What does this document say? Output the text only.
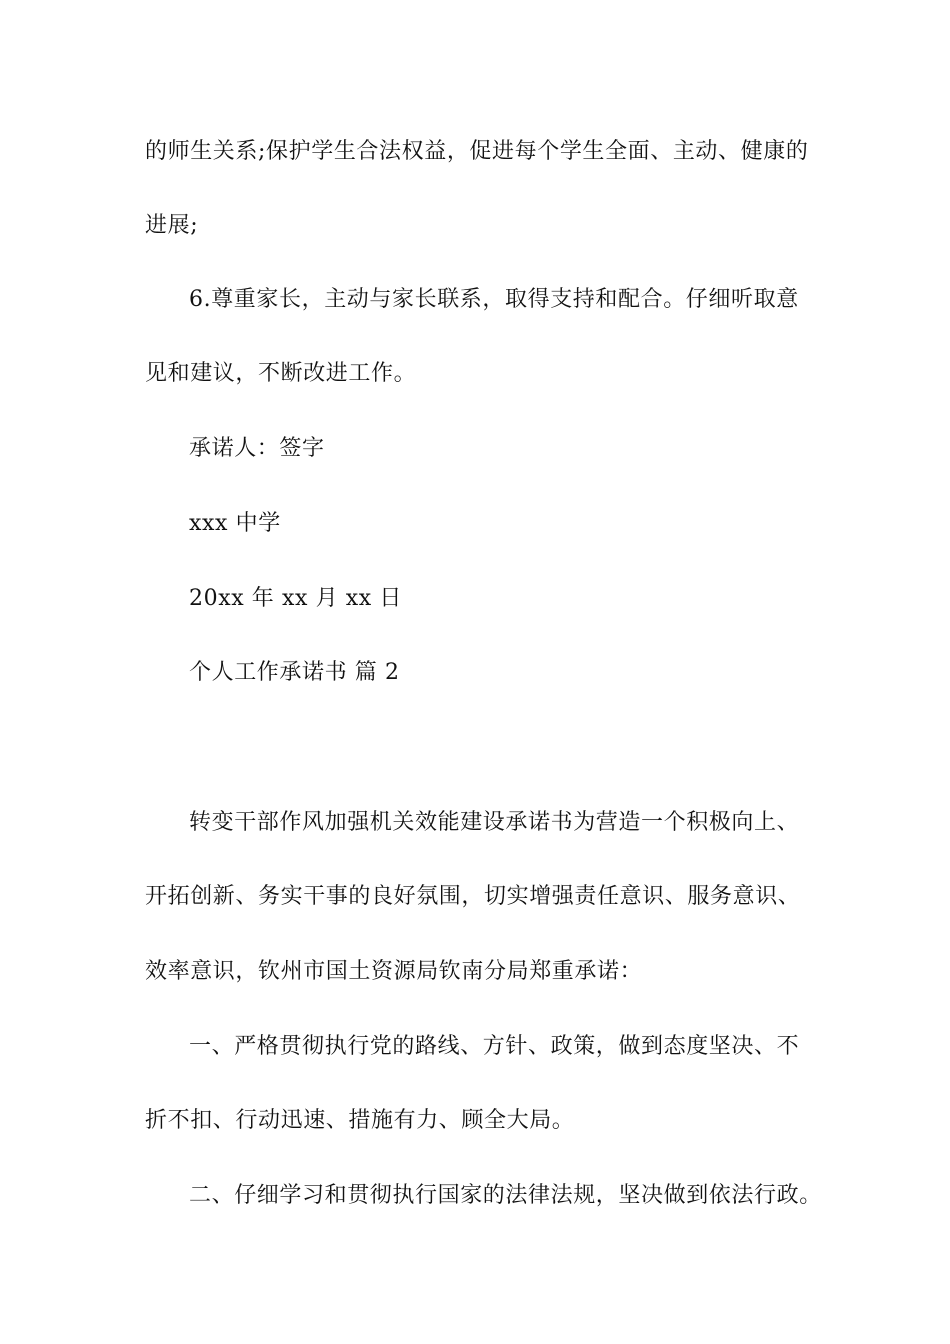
的师生关系;保护学生合法权益，促进每个学生全面、主动、健康的
进展;
6.尊重家长，主动与家长联系，取得支持和配合。仔细听取意
见和建议，不断改进工作。
承诺人：签字
xxx 中学
20xx 年 xx 月 xx 日
个人工作承诺书 篇 2
转变干部作风加强机关效能建设承诺书为营造一个积极向上、
开拓创新、务实干事的良好氛围，切实增强责任意识、服务意识、
效率意识，钦州市国土资源局钦南分局郑重承诺：
一、严格贯彻执行党的路线、方针、政策，做到态度坚决、不
折不扣、行动迅速、措施有力、顾全大局。
二、仔细学习和贯彻执行国家的法律法规，坚决做到依法行政。
